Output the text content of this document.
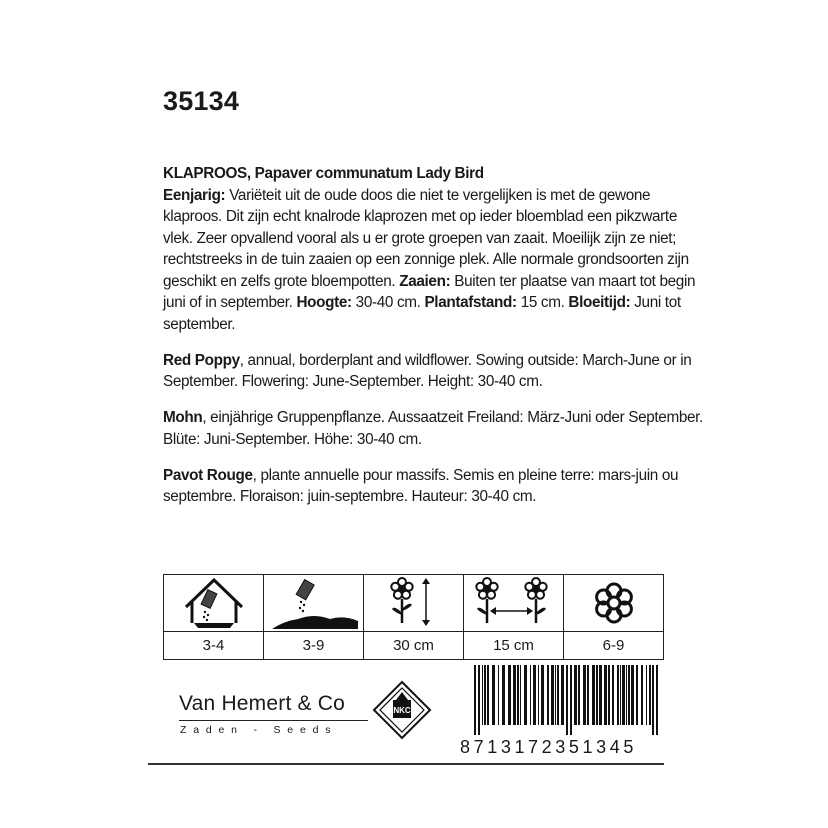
35134

KLAPROOS, Papaver communatum Lady Bird
Eenjarig: Variëteit uit de oude doos die niet te vergelijken is met de gewone klaproos. Dit zijn echt knalrode klaprozen met op ieder bloemblad een pikzwarte vlek. Zeer opvallend vooral als u er grote groepen van zaait. Moeilijk zijn ze niet; rechtstreeks in de tuin zaaien op een zonnige plek. Alle normale grondsoorten zijn geschikt en zelfs grote bloempotten. Zaaien: Buiten ter plaatse van maart tot begin juni of in september. Hoogte: 30-40 cm. Plantafstand: 15 cm. Bloeitijd: Juni tot september.

Red Poppy, annual, borderplant and wildflower. Sowing outside: March-June or in September. Flowering: June-September. Height: 30-40 cm.

Mohn, einjährige Gruppenpflanze. Aussaatzeit Freiland: März-Juni oder September. Blüte: Juni-September. Höhe: 30-40 cm.

Pavot Rouge, plante annuelle pour massifs. Semis en pleine terre: mars-juin ou septembre. Floraison: juin-septembre. Hauteur: 30-40 cm.

3-4	3-9	30 cm	15 cm	6-9
Van Hemert & Co
Zaden - Seeds
NKC
8713172351345
